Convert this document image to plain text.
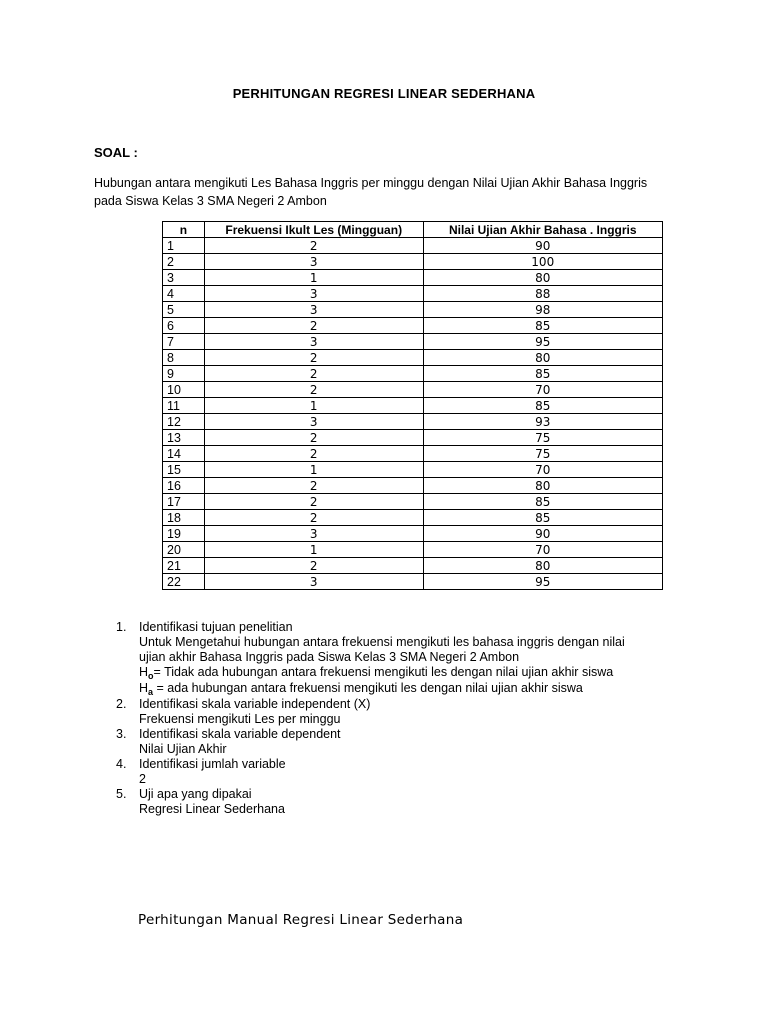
PERHITUNGAN REGRESI LINEAR SEDERHANA
SOAL :
Hubungan antara mengikuti Les Bahasa Inggris per minggu dengan Nilai Ujian Akhir Bahasa Inggris pada Siswa Kelas 3 SMA Negeri 2 Ambon
n	Frekuensi Ikult Les (Mingguan)	Nilai Ujian Akhir Bahasa . Inggris
1	2	90
2	3	100
3	1	80
4	3	88
5	3	98
6	2	85
7	3	95
8	2	80
9	2	85
10	2	70
11	1	85
12	3	93
13	2	75
14	2	75
15	1	70
16	2	80
17	2	85
18	2	85
19	3	90
20	1	70
21	2	80
22	3	95
1. Identifikasi tujuan penelitian
Untuk Mengetahui hubungan antara frekuensi mengikuti les bahasa inggris dengan nilai
ujian akhir Bahasa Inggris pada Siswa Kelas 3 SMA Negeri 2 Ambon
$H_o=$ Tidak ada hubungan antara frekuensi mengikuti les dengan nilai ujian akhir siswa
$H_a$ = ada hubungan antara frekuensi mengikuti les dengan nilai ujian akhir siswa
2. Identifikasi skala variable independent (X)
Frekuensi mengikuti Les per minggu
3. Identifikasi skala variable dependent
Nilai Ujian Akhir
4. Identifikasi jumlah variable
2
5. Uji apa yang dipakai
Regresi Linear Sederhana
Perhitungan Manual Regresi Linear Sederhana
